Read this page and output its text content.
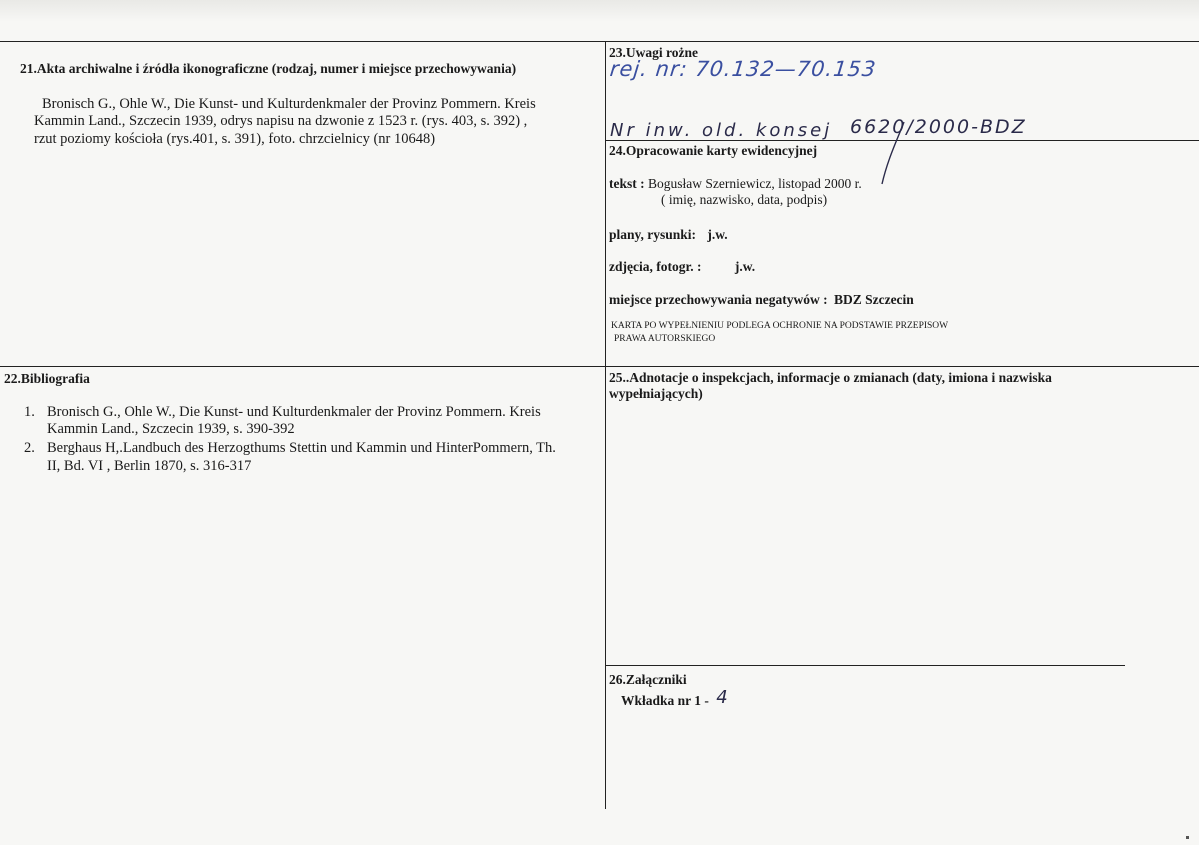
21.Akta archiwalne i źródła ikonograficzne (rodzaj, numer i miejsce przechowywania)
Bronisch G., Ohle W., Die Kunst- und Kulturdenkmaler der Provinz Pommern. Kreis
Kammin Land., Szczecin 1939, odrys napisu na dzwonie z 1523 r. (rys. 403, s. 392) ,
rzut poziomy kościoła (rys.401, s. 391), foto. chrzcielnicy (nr 10648)
22.Bibliografia
1. Bronisch G., Ohle W., Die Kunst- und Kulturdenkmaler der Provinz Pommern. Kreis
Kammin Land., Szczecin 1939, s. 390-392
2. Berghaus H,.Landbuch des Herzogthums Stettin und Kammin und HinterPommern, Th.
II, Bd. VI , Berlin 1870, s. 316-317
23.Uwagi rożne
rej. nr: 70.132—70.153
Nr inw. old. konsej 6620/2000-BDZ
24.Opracowanie karty ewidencyjnej
tekst : Bogusław Szerniewicz, listopad 2000 r.
( imię, nazwisko, data, podpis)
plany, rysunki: j.w.
zdjęcia, fotogr. : j.w.
miejsce przechowywania negatywów : BDZ Szczecin
KARTA PO WYPEŁNIENIU PODLEGA OCHRONIE NA PODSTAWIE PRZEPISOW
PRAWA AUTORSKIEGO
25..Adnotacje o inspekcjach, informacje o zmianach (daty, imiona i nazwiska
wypełniających)
26.Załączniki
Wkładka nr 1 - 4
